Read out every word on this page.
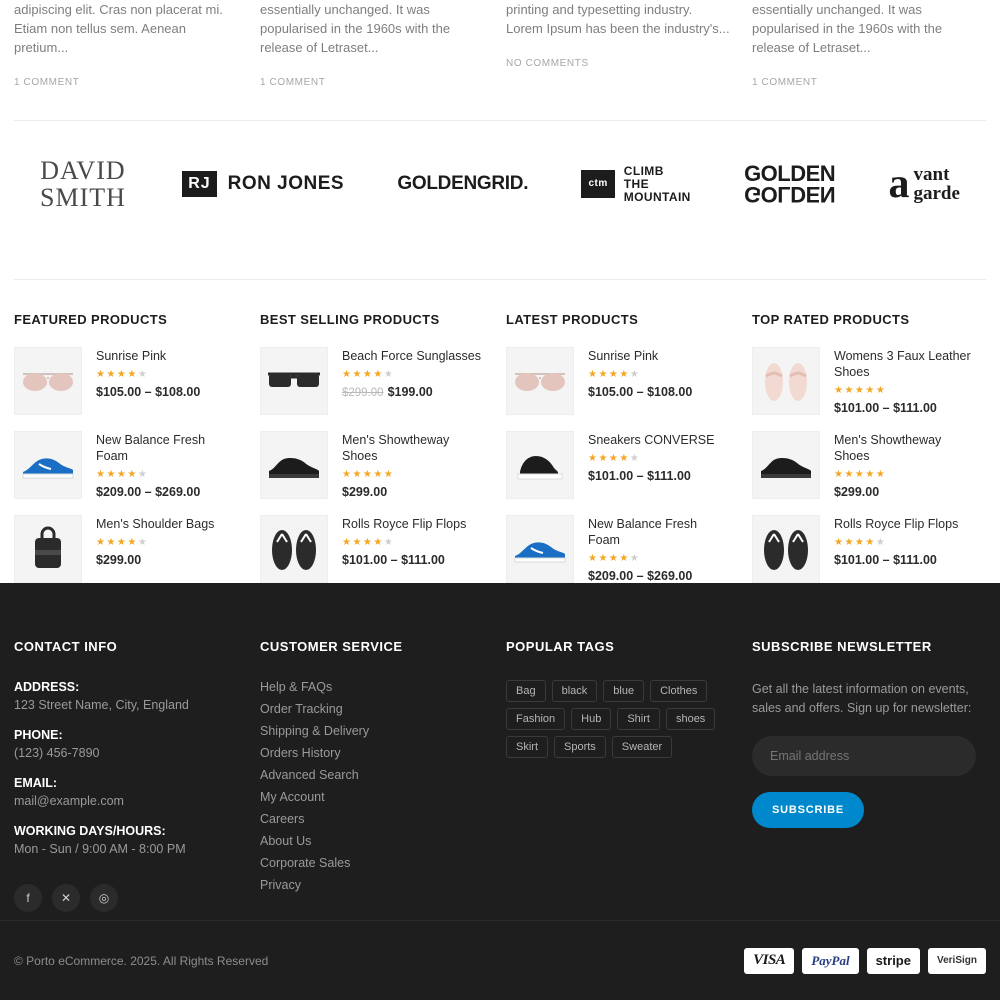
adipiscing elit. Cras non placerat mi. Etiam non tellus sem. Aenean pretium...
1 COMMENT
essentially unchanged. It was popularised in the 1960s with the release of Letraset...
1 COMMENT
printing and typesetting industry. Lorem Ipsum has been the industry's...
NO COMMENTS
essentially unchanged. It was popularised in the 1960s with the release of Letraset...
1 COMMENT
DAVID
SMITH	RJ RON JONES	GOLDENGRID.	ctm
CLIMB
THE
MOUNTAIN
GOLDEN
GOLDEN a vant
garde
FEATURED PRODUCTS
Sunrise Pink
★★★★★
$105.00 – $108.00
New Balance Fresh Foam
★★★★★
$209.00 – $269.00
Men's Shoulder Bags
★★★★★
$299.00
BEST SELLING PRODUCTS
Beach Force Sunglasses
★★★★★
$299.00 $199.00
Men's Showtheway Shoes
★★★★★
$299.00
Rolls Royce Flip Flops
★★★★★
$101.00 – $111.00
LATEST PRODUCTS
Sunrise Pink
★★★★★
$105.00 – $108.00
Sneakers CONVERSE
★★★★★
$101.00 – $111.00
New Balance Fresh Foam
★★★★★
$209.00 – $269.00
TOP RATED PRODUCTS
Womens 3 Faux Leather Shoes
★★★★★
$101.00 – $111.00
Men's Showtheway Shoes
★★★★★
$299.00
Rolls Royce Flip Flops
★★★★★
$101.00 – $111.00
CONTACT INFO
ADDRESS:
123 Street Name, City, England
PHONE:
(123) 456-7890
EMAIL:
mail@example.com
WORKING DAYS/HOURS:
Mon - Sun / 9:00 AM - 8:00 PM
f	✕	◎
CUSTOMER SERVICE
Help & FAQs
Order Tracking
Shipping & Delivery
Orders History
Advanced Search
My Account
Careers
About Us
Corporate Sales
Privacy
POPULAR TAGS
Bag	black	blue	Clothes
Fashion	Hub	Shirt	shoes
Skirt	Sports	Sweater
SUBSCRIBE NEWSLETTER
Get all the latest information on events, sales and offers. Sign up for newsletter:
Email address SUBSCRIBE
© Porto eCommerce. 2025. All Rights Reserved	VISA	PayPal	stripe	VeriSign
